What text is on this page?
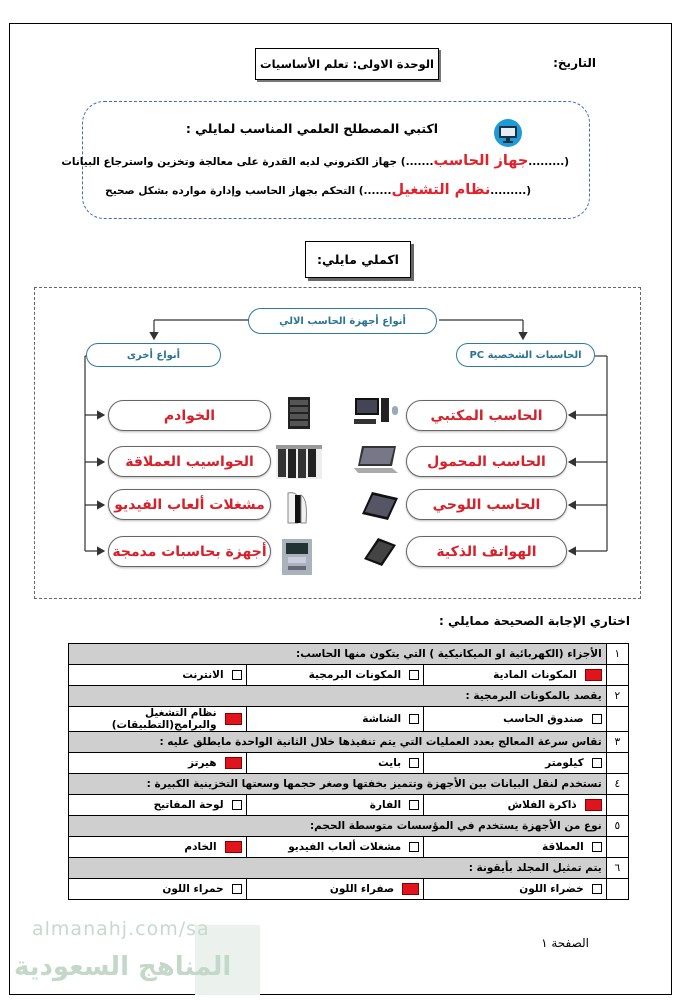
التاريخ:
الوحدة الاولى: تعلم الأساسيات
اكتبي المصطلح العلمي المناسب لمايلي :
(.........جهاز الحاسب.......) جهاز الكتروني لديه القدرة على معالجة وتخزين واسترجاع البيانات
(.........نظام التشغيل.......) التحكم بجهاز الحاسب وإدارة موارده بشكل صحيح
اكملي مايلي:
أنواع أجهزة الحاسب الالي
الحاسبات الشخصية PC
أنواع أخرى
الحاسب المكتبي
الحاسب المحمول
الحاسب اللوحي
الهواتف الذكية
الخوادم
الحواسيب العملاقة
مشغلات ألعاب الفيديو
أجهزة بحاسبات مدمجة
اختاري الإجابة الصحيحة ممايلي :
١	الأجزاء (الكهربائية او الميكانيكية ) التي يتكون منها الحاسب:		

	المكونات المادية	المكونات البرمجية	الانترنت

٢	يقصد بالمكونات البرمجية :		

	صندوق الحاسب	الشاشة	نظام التشغيل والبرامج(التطبيقات)

٣	تقاس سرعة المعالج بعدد العمليات التي يتم تنفيذها خلال الثانية الواحدة مايطلق عليه :		

	كيلومتر	بايت	هيرتز

٤	تستخدم لنقل البيانات بين الأجهزة وتتميز بخفتها وصغر حجمها وسعتها التخزينية الكبيرة :		

	ذاكرة الفلاش	الفارة	لوحة المفاتيح

٥	نوع من الأجهزة يستخدم في المؤسسات متوسطة الحجم:		

	العملاقة	مشغلات ألعاب الفيديو	الخادم

٦	يتم تمثيل المجلد بأيقونة :		

	خضراء اللون	صفراء اللون	حمراء اللون
الصفحة ١
almanahj.com/sa
المناهج السعودية
